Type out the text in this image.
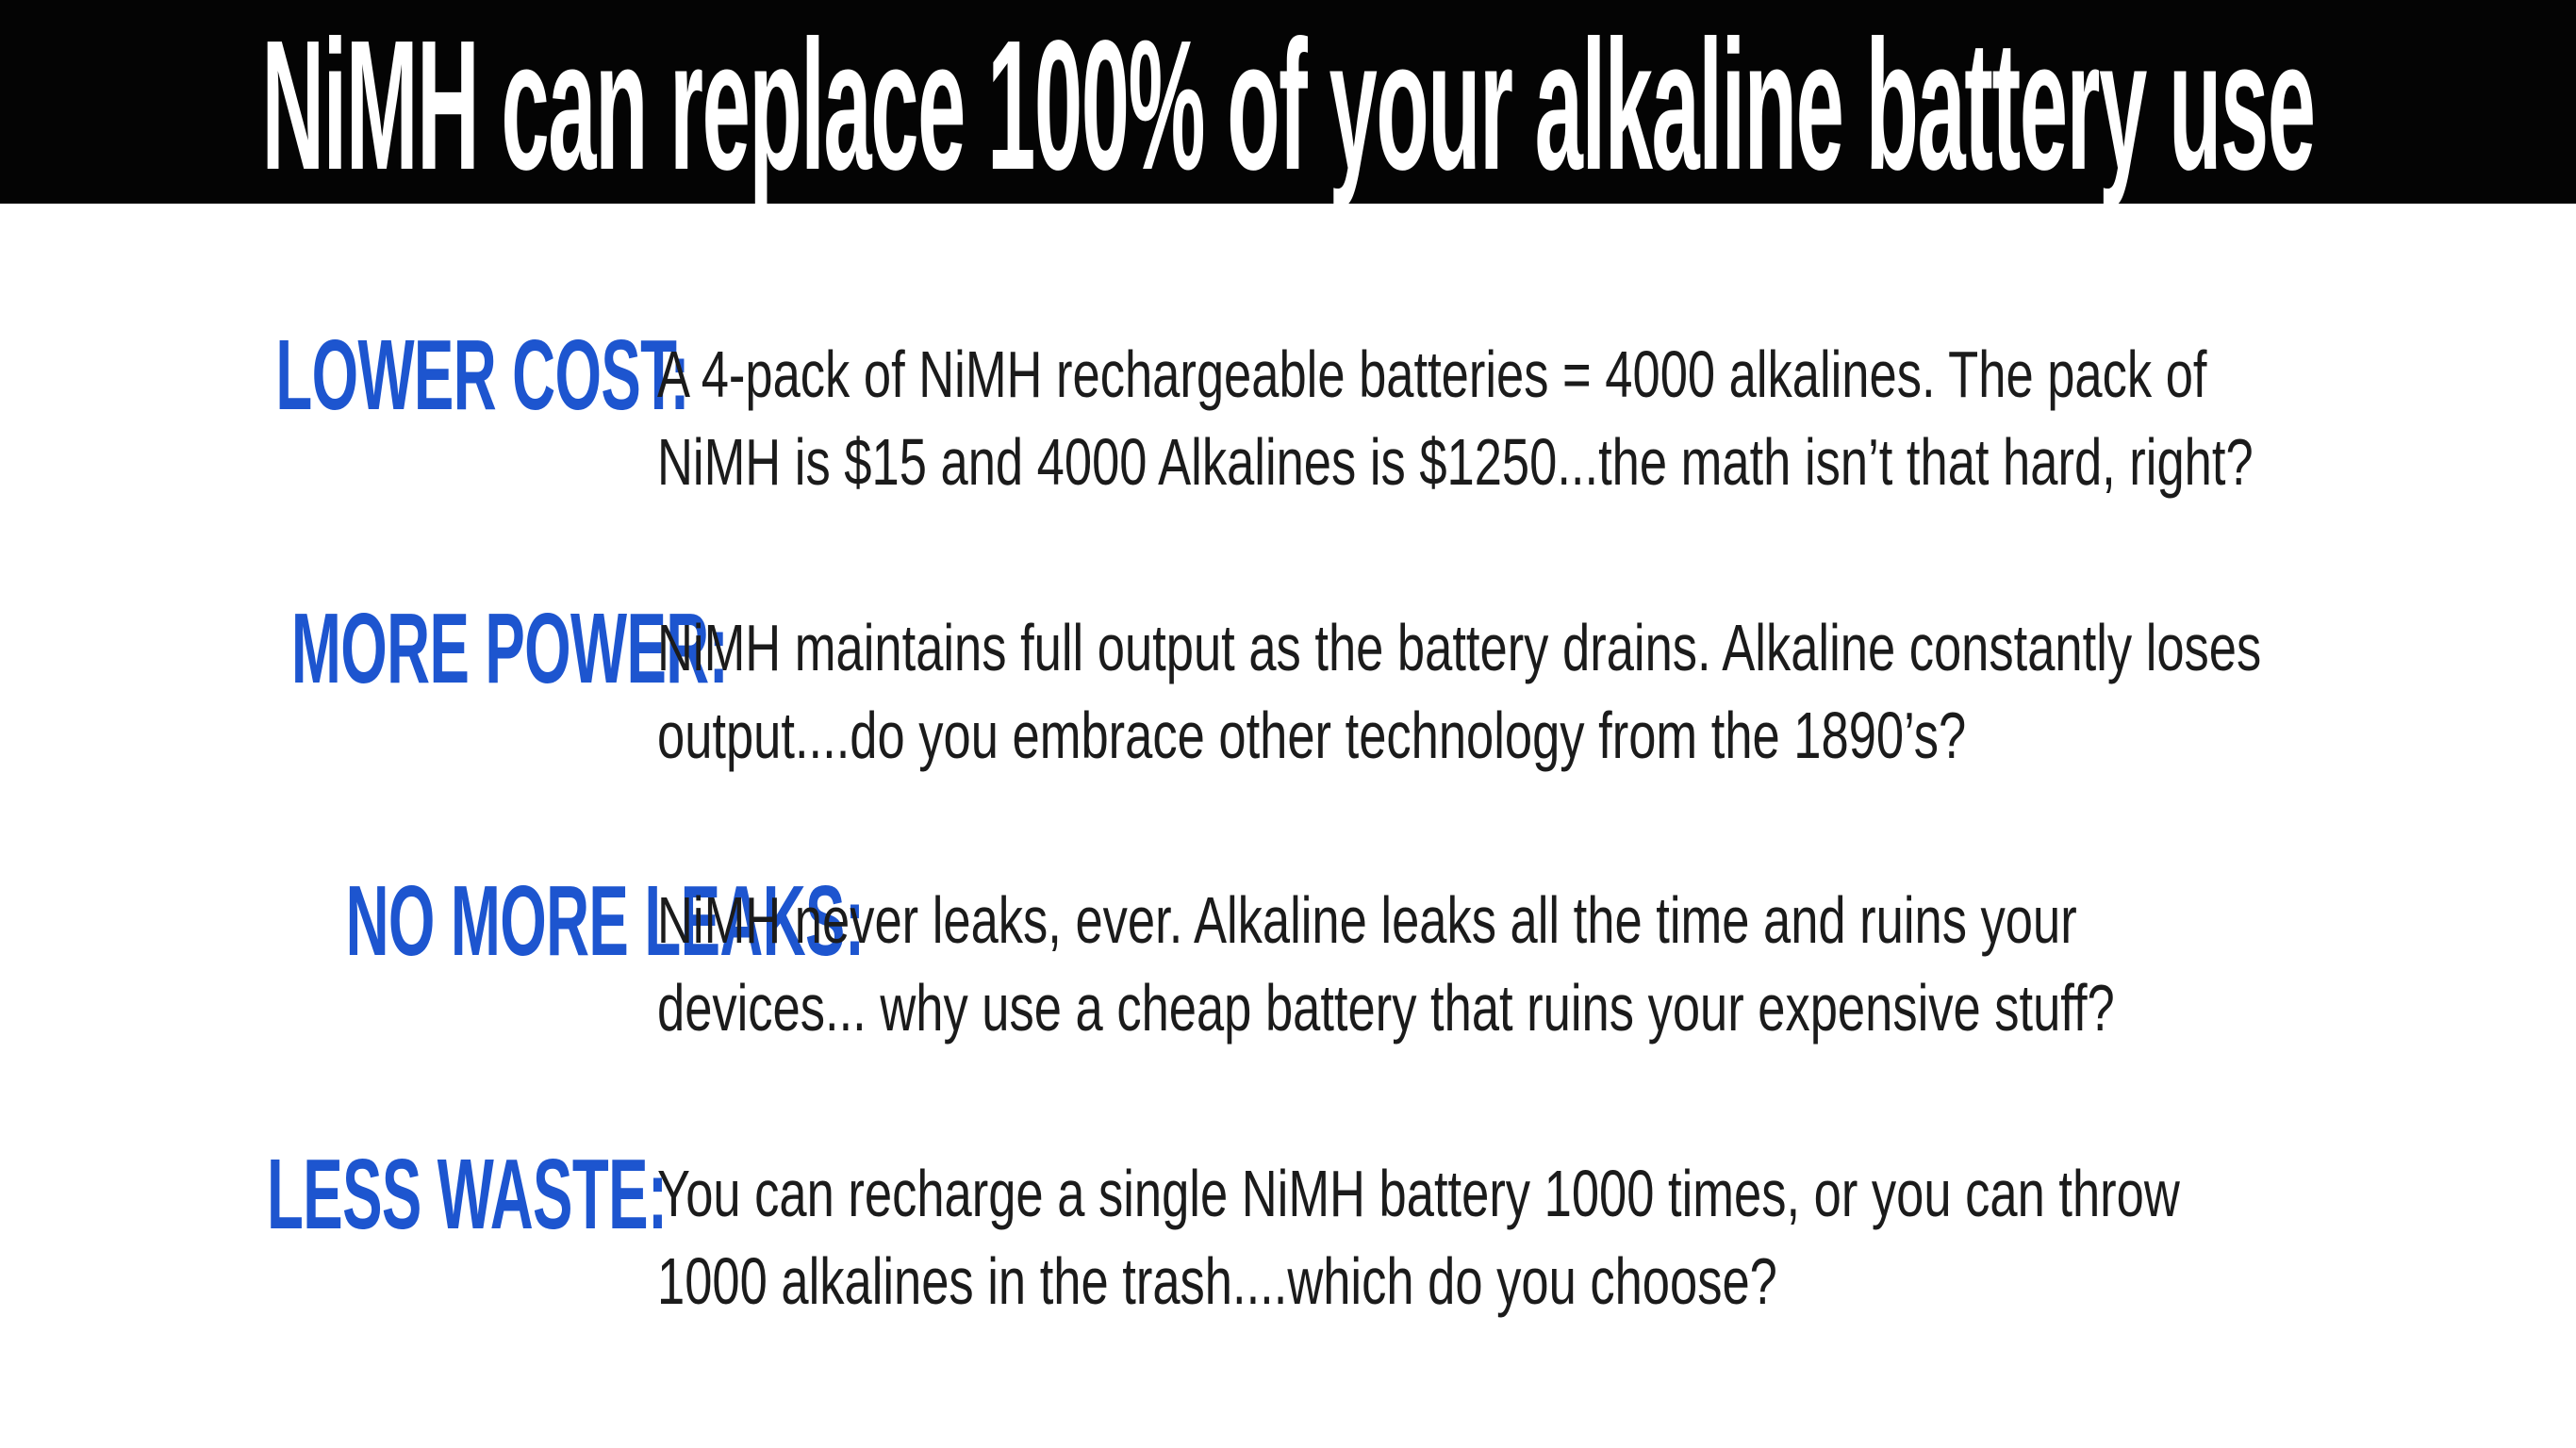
NiMH can replace 100% of your alkaline battery use
LOWER COST:
A 4-pack of NiMH rechargeable batteries = 4000 alkalines. The pack of
NiMH is $15 and 4000 Alkalines is $1250...the math isn’t that hard, right?
MORE POWER:
NiMH maintains full output as the battery drains. Alkaline constantly loses
output....do you embrace other technology from the 1890’s?
NO MORE LEAKS:
NiMH never leaks, ever. Alkaline leaks all the time and ruins your
devices... why use a cheap battery that ruins your expensive stuff?
LESS WASTE:
You can recharge a single NiMH battery 1000 times, or you can throw
1000 alkalines in the trash....which do you choose?
